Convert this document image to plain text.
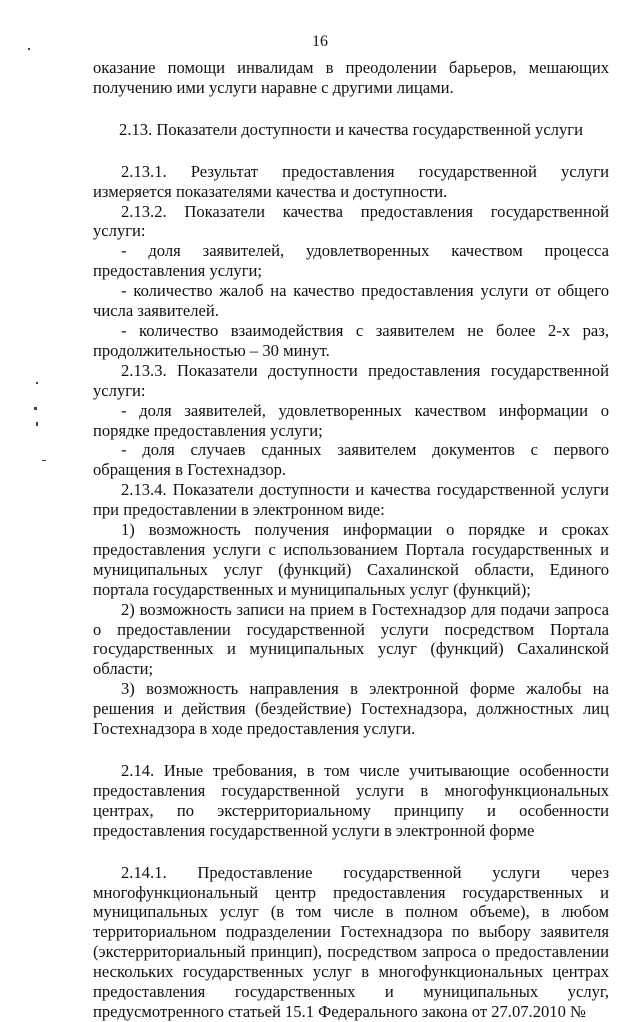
16

оказание помощи инвалидам в преодолении барьеров, мешающих получению ими услуги наравне с другими лицами.

2.13. Показатели доступности и качества государственной услуги

2.13.1. Результат предоставления государственной услуги измеряется показателями качества и доступности.

2.13.2. Показатели качества предоставления государственной услуги:

- доля заявителей, удовлетворенных качеством процесса предоставления услуги;

- количество жалоб на качество предоставления услуги от общего числа заявителей.

- количество взаимодействия с заявителем не более 2-х раз, продолжительностью – 30 минут.

2.13.3. Показатели доступности предоставления государственной услуги:

- доля заявителей, удовлетворенных качеством информации о порядке предоставления услуги;

- доля случаев сданных заявителем документов с первого обращения в Гостехнадзор.

2.13.4. Показатели доступности и качества государственной услуги при предоставлении в электронном виде:

1) возможность получения информации о порядке и сроках предоставления услуги с использованием Портала государственных и муниципальных услуг (функций) Сахалинской области, Единого портала государственных и муниципальных услуг (функций);

2) возможность записи на прием в Гостехнадзор для подачи запроса о предоставлении государственной услуги посредством Портала государственных и муниципальных услуг (функций) Сахалинской области;

3) возможность направления в электронной форме жалобы на решения и действия (бездействие) Гостехнадзора, должностных лиц Гостехнадзора в ходе предоставления услуги.

2.14. Иные требования, в том числе учитывающие особенности предоставления государственной услуги в многофункциональных центрах, по экстерриториальному принципу и особенности предоставления государственной услуги в электронной форме

2.14.1. Предоставление государственной услуги через многофункциональный центр предоставления государственных и муниципальных услуг (в том числе в полном объеме), в любом территориальном подразделении Гостехнадзора по выбору заявителя (экстерриториальный принцип), посредством запроса о предоставлении нескольких государственных услуг в многофункциональных центрах предоставления государственных и муниципальных услуг, предусмотренного статьей 15.1 Федерального закона от 27.07.2010 №
